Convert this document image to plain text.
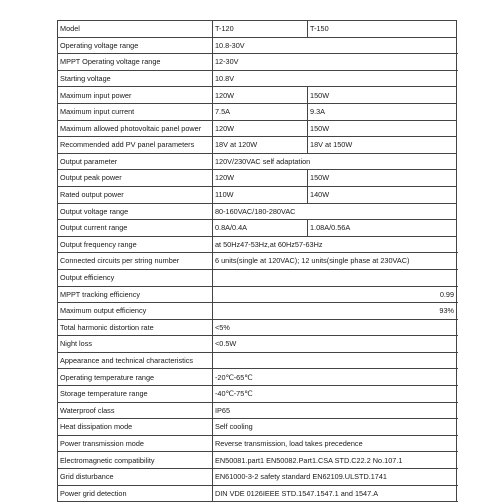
Model	T-120	T-150	
Operating voltage range	10.8-30V		
MPPT Operating voltage range	12-30V		
Starting voltage	10.8V		
Maximum input power	120W	150W	
Maximum input current	7.5A	9.3A	
Maximum allowed photovoltaic panel power	120W	150W	
Recommended add PV panel parameters	18V at 120W	18V at 150W	
Output parameter	120V/230VAC self adaptation		
Output peak power	120W	150W	
Rated output power	110W	140W	
Output voltage range	80-160VAC/180-280VAC		
Output current range	0.8A/0.4A	1.08A/0.56A	
Output frequency range	at 50Hz47-53Hz,at 60Hz57-63Hz		
Connected circuits per string number	6 units(single at 120VAC); 12 units(single phase at 230VAC)		
Output efficiency			
MPPT tracking efficiency	0.99		
Maximum output efficiency	93%		
Total harmonic distortion rate	<5%		
Night loss	<0.5W		
Appearance and technical characteristics			
Operating temperature range	-20℃-65℃		
Storage temperature range	-40℃-75℃		
Waterproof class	IP65		
Heat dissipation mode	Self cooling		
Power transmission mode	Reverse transmission, load takes precedence		
Electromagnetic compatibility	EN50081.part1 EN50082.Part1.CSA STD.C22.2 No.107.1		
Grid disturbance	EN61000-3-2 safety standard EN62109.ULSTD.1741		
Power grid detection	DIN VDE 0126IEEE STD.1547.1547.1 and 1547.A		
